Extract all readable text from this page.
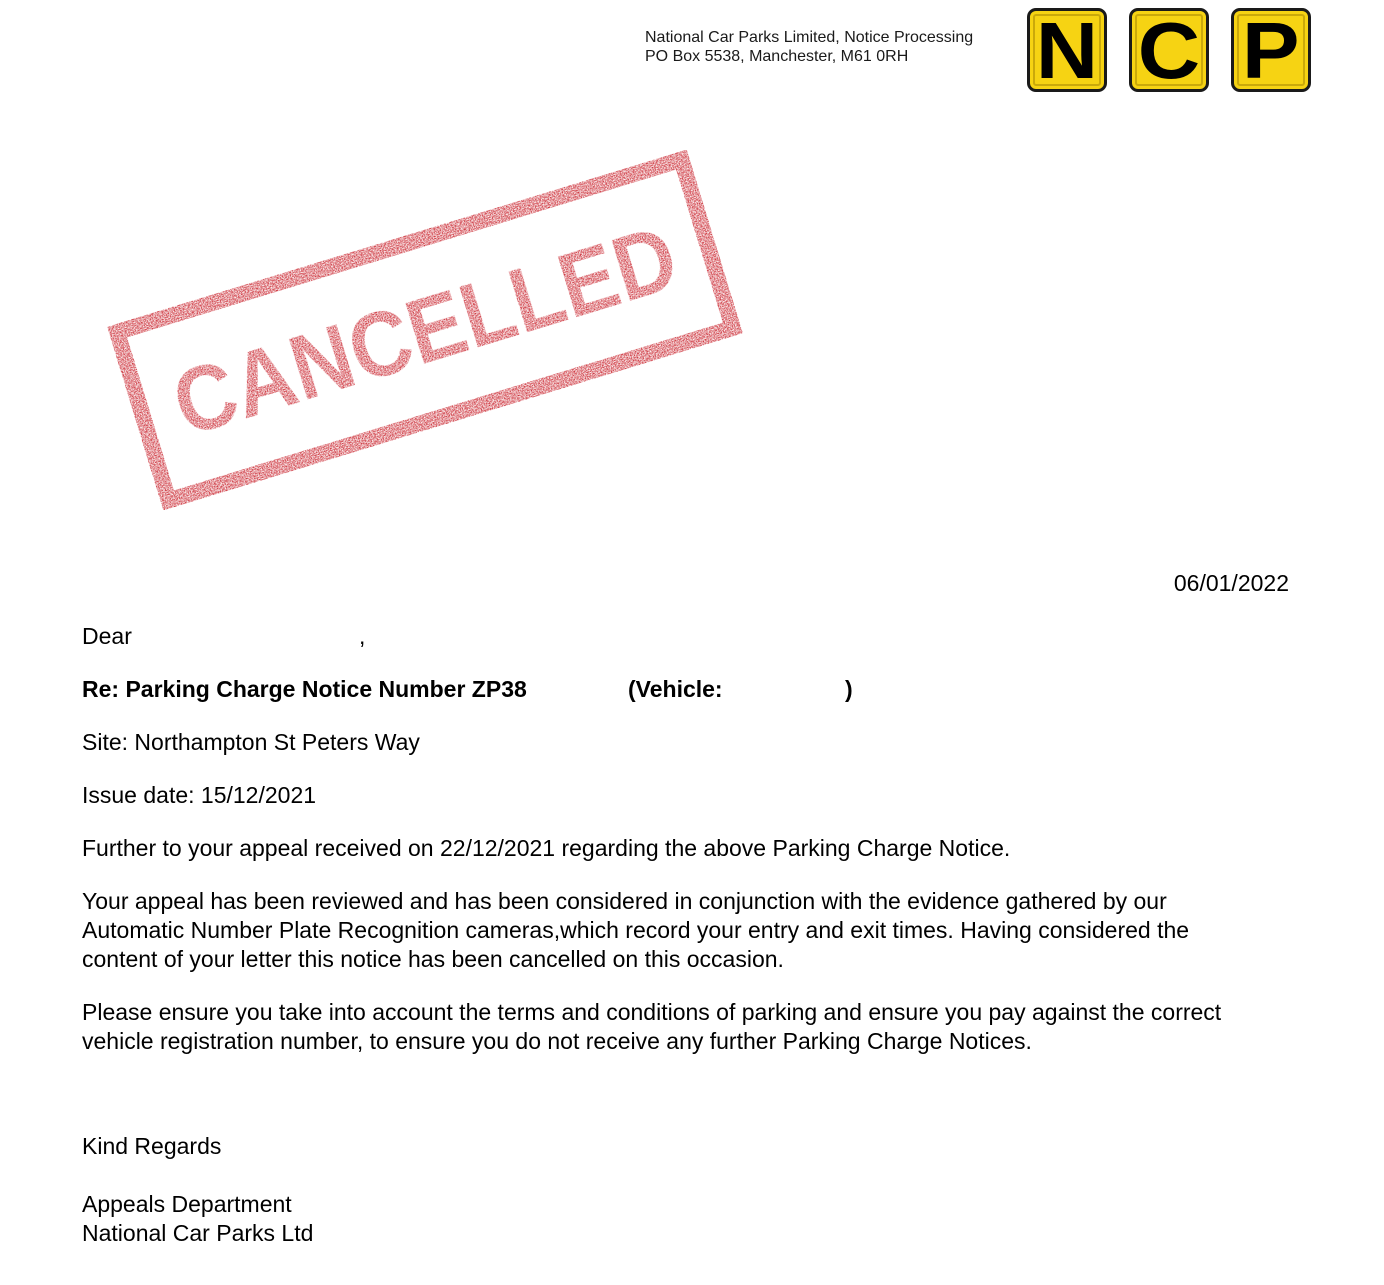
National Car Parks Limited, Notice Processing
PO Box 5538, Manchester, M61 0RH	N C P
CANCELLED
06/01/2022
Dear	,
Re: Parking Charge Notice Number ZP38	(Vehicle:	)
Site: Northampton St Peters Way
Issue date: 15/12/2021
Further to your appeal received on 22/12/2021 regarding the above Parking Charge Notice.
Your appeal has been reviewed and has been considered in conjunction with the evidence gathered by our
Automatic Number Plate Recognition cameras,which record your entry and exit times. Having considered the
content of your letter this notice has been cancelled on this occasion.
Please ensure you take into account the terms and conditions of parking and ensure you pay against the correct
vehicle registration number, to ensure you do not receive any further Parking Charge Notices.
Kind Regards
Appeals Department
National Car Parks Ltd
